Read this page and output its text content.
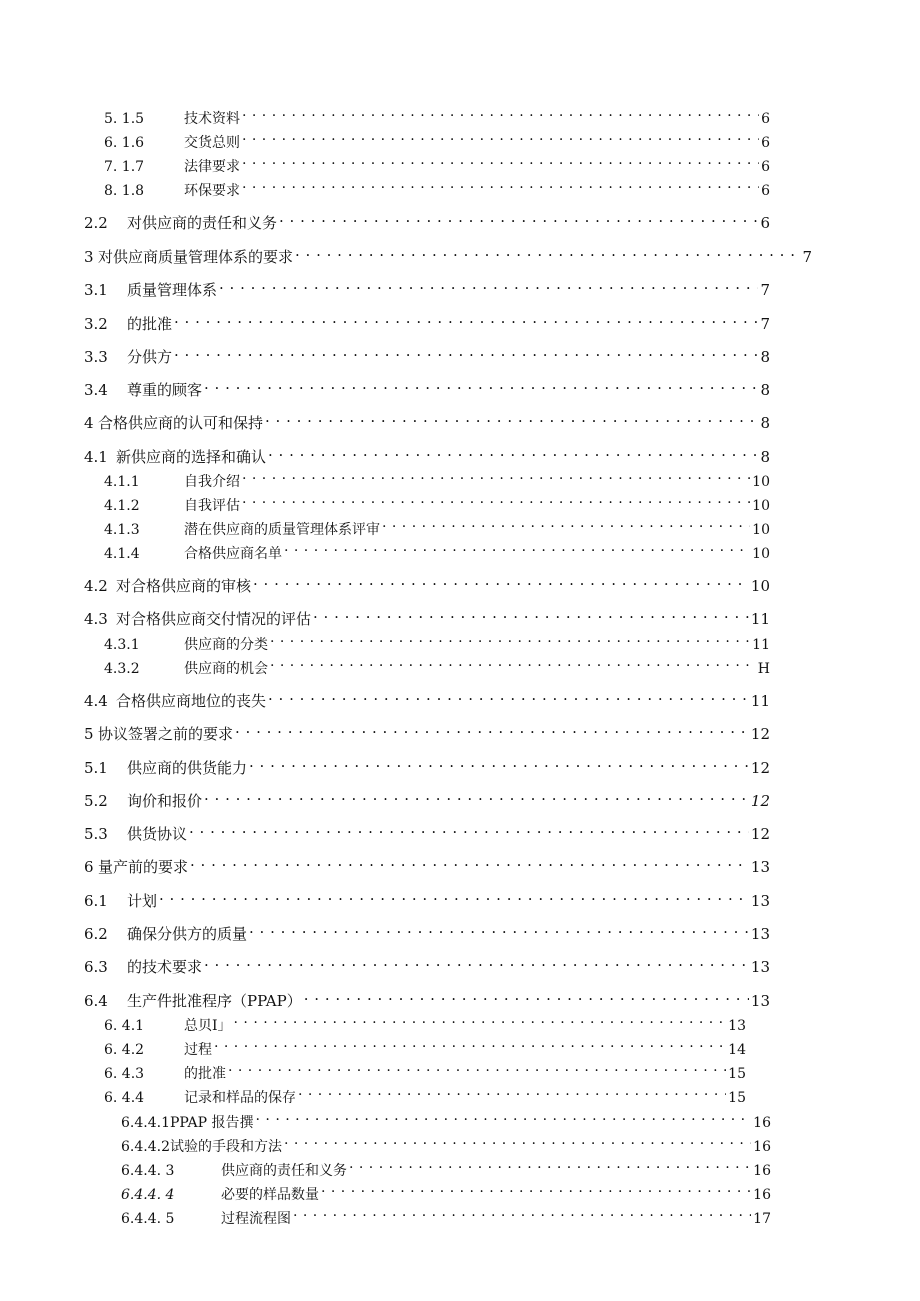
5. 1.5	技术资料 . . .	6
6. 1.6	交货总则 . . .	6
7. 1.7	法律要求 . . .	6
8. 1.8	环保要求 . . .	6
2.2	对供应商的责任和义务 . . .	6
3 对供应商质量管理体系的要求 . . .	7
3.1	质量管理体系 . . .	7
3.2	的批准 . . .	7
3.3	分供方 . . .	8
3.4	尊重的顾客 . . .	8
4 合格供应商的认可和保持 . . .	8
4.1 新供应商的选择和确认 . . .	8
4.1.1	自我介绍 . . .	10
4.1.2	自我评估 . . .	10
4.1.3	潜在供应商的质量管理体系评审 . . .	10
4.1.4	合格供应商名单 . . .	10
4.2 对合格供应商的审核 . . .	10
4.3 对合格供应商交付情况的评估 . . .	11
4.3.1	供应商的分类 . . .	11
4.3.2	供应商的机会 . . .	H
4.4 合格供应商地位的丧失 . . .	11
5 协议签署之前的要求 . . .	12
5.1	供应商的供货能力 . . .	12
5.2	询价和报价 . . .	12
5.3	供货协议 . . .	12
6 量产前的要求 . . .	13
6.1	计划 . . .	13
6.2	确保分供方的质量 . . .	13
6.3	的技术要求 . . .	13
6.4	生产件批准程序（PPAP） . . .	13
6. 4.1	总贝I」 . . .	13
6. 4.2	过程 . . .	14
6. 4.3	的批准 . . .	15
6. 4.4	记录和样品的保存 . . .	15
6.4.4.1 PPAP 报告撰 . . .	16
6.4.4.2 试验的手段和方法 . . .	16
6.4.4. 3	供应商的责任和义务 . . .	16
6.4.4. 4	必要的样品数量 . . .	16
6.4.4. 5	过程流程图 . . .	17
